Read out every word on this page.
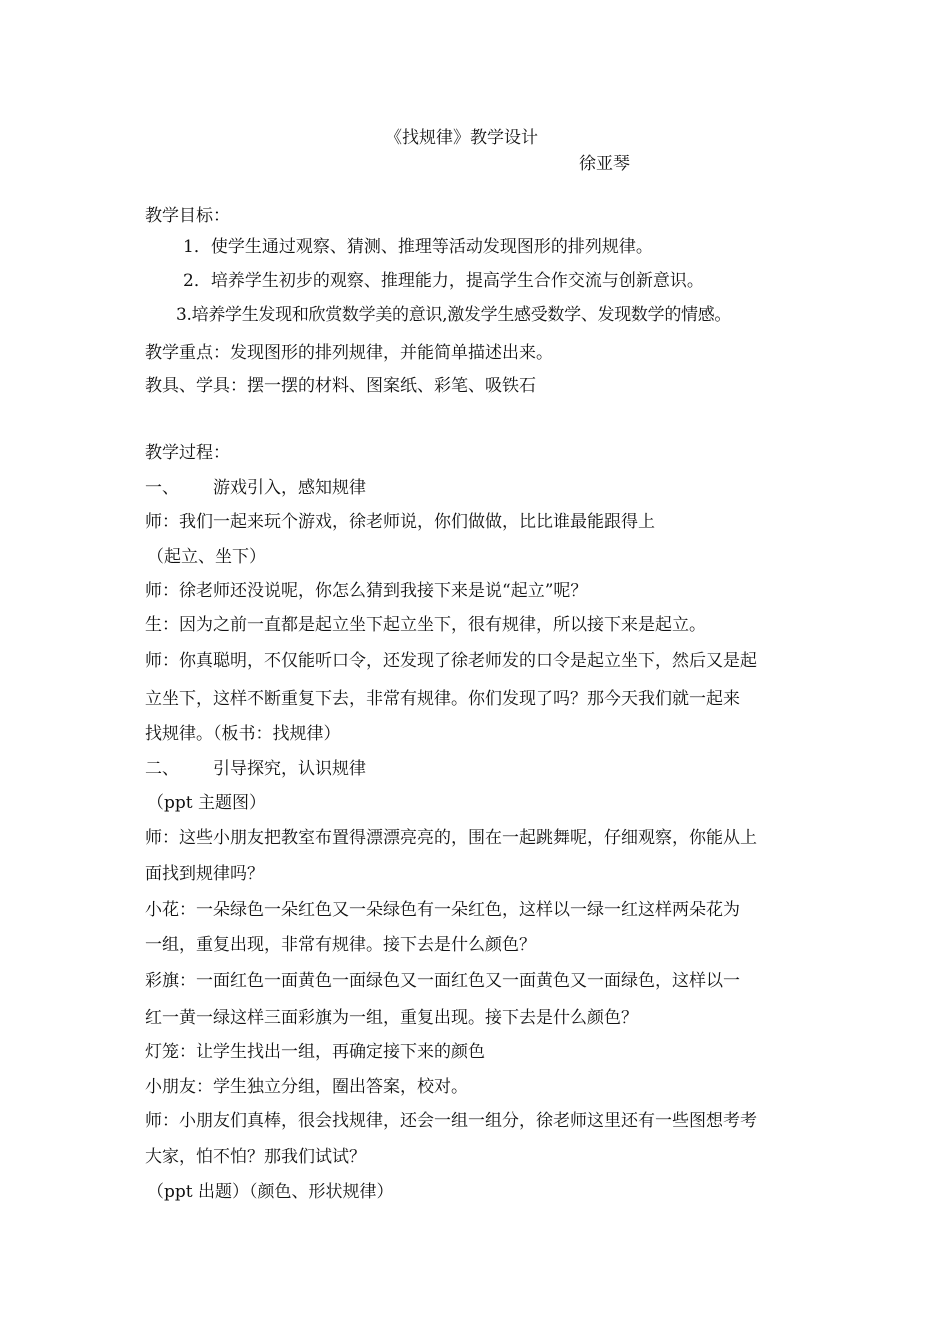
《找规律》教学设计
徐亚琴
教学目标：
1．使学生通过观察、猜测、推理等活动发现图形的排列规律。
2．培养学生初步的观察、推理能力，提高学生合作交流与创新意识。
3.培养学生发现和欣赏数学美的意识,激发学生感受数学、发现数学的情感。
教学重点：发现图形的排列规律，并能简单描述出来。
教具、学具：摆一摆的材料、图案纸、彩笔、吸铁石
教学过程：
一、 游戏引入，感知规律
师：我们一起来玩个游戏，徐老师说，你们做做，比比谁最能跟得上
（起立、坐下）
师：徐老师还没说呢，你怎么猜到我接下来是说“起立”呢？
生：因为之前一直都是起立坐下起立坐下，很有规律，所以接下来是起立。
师：你真聪明，不仅能听口令，还发现了徐老师发的口令是起立坐下，然后又是起
立坐下，这样不断重复下去，非常有规律。你们发现了吗？那今天我们就一起来
找规律。（板书：找规律）
二、 引导探究，认识规律
（ppt 主题图）
师：这些小朋友把教室布置得漂漂亮亮的，围在一起跳舞呢，仔细观察，你能从上
面找到规律吗？
小花：一朵绿色一朵红色又一朵绿色有一朵红色，这样以一绿一红这样两朵花为
一组，重复出现，非常有规律。接下去是什么颜色？
彩旗：一面红色一面黄色一面绿色又一面红色又一面黄色又一面绿色，这样以一
红一黄一绿这样三面彩旗为一组，重复出现。接下去是什么颜色？
灯笼：让学生找出一组，再确定接下来的颜色
小朋友：学生独立分组，圈出答案，校对。
师：小朋友们真棒，很会找规律，还会一组一组分，徐老师这里还有一些图想考考
大家，怕不怕？那我们试试？
（ppt 出题）（颜色、形状规律）
